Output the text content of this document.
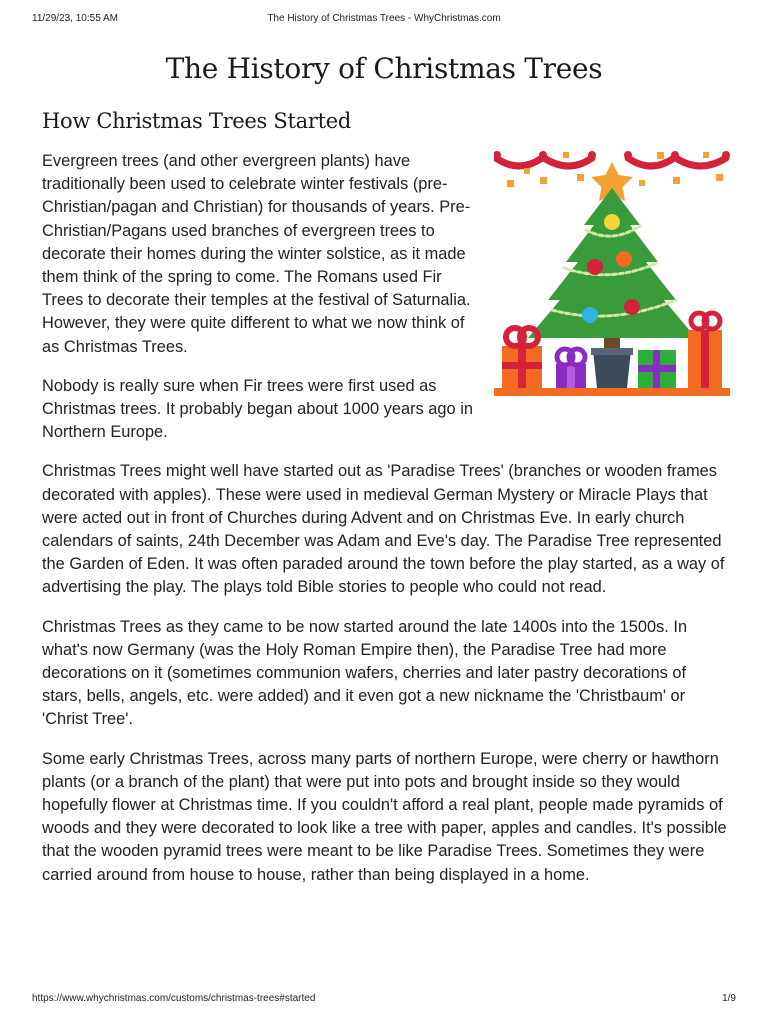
The History of Christmas Trees - WhyChristmas.com
11/29/23, 10:55 AM
The History of Christmas Trees
How Christmas Trees Started

Evergreen trees (and other evergreen plants) have traditionally been used to celebrate winter festivals (pre-Christian/pagan and Christian) for thousands of years. Pre-Christian/Pagans used branches of evergreen trees to decorate their homes during the winter solstice, as it made them think of the spring to come. The Romans used Fir Trees to decorate their temples at the festival of Saturnalia. However, they were quite different to what we now think of as Christmas Trees.

Nobody is really sure when Fir trees were first used as Christmas trees. It probably began about 1000 years ago in Northern Europe.

Christmas Trees might well have started out as 'Paradise Trees' (branches or wooden frames decorated with apples). These were used in medieval German Mystery or Miracle Plays that were acted out in front of Churches during Advent and on Christmas Eve. In early church calendars of saints, 24th December was Adam and Eve's day. The Paradise Tree represented the Garden of Eden. It was often paraded around the town before the play started, as a way of advertising the play. The plays told Bible stories to people who could not read.

Christmas Trees as they came to be now started around the late 1400s into the 1500s. In what's now Germany (was the Holy Roman Empire then), the Paradise Tree had more decorations on it (sometimes communion wafers, cherries and later pastry decorations of stars, bells, angels, etc. were added) and it even got a new nickname the 'Christbaum' or 'Christ Tree'.

Some early Christmas Trees, across many parts of northern Europe, were cherry or hawthorn plants (or a branch of the plant) that were put into pots and brought inside so they would hopefully flower at Christmas time. If you couldn't afford a real plant, people made pyramids of woods and they were decorated to look like a tree with paper, apples and candles. It's possible that the wooden pyramid trees were meant to be like Paradise Trees. Sometimes they were carried around from house to house, rather than being displayed in a home.

https://www.whychristmas.com/customs/christmas-trees#started	1/9
